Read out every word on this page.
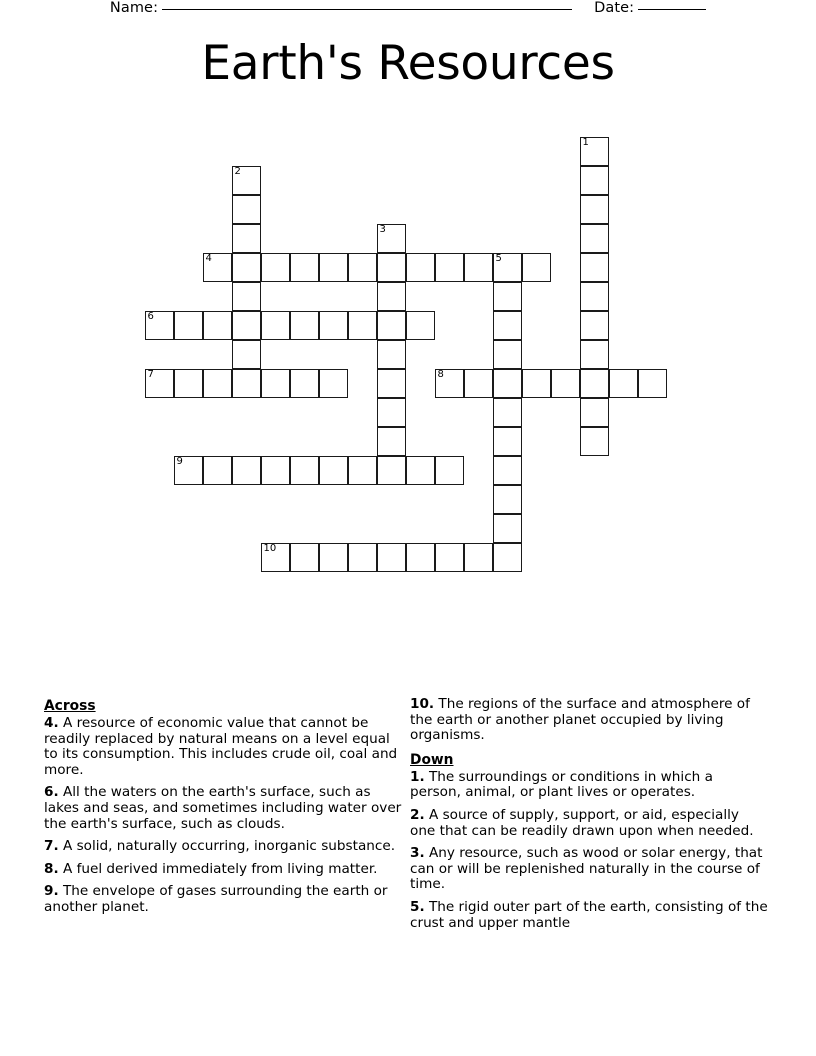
Name:	Date:
Earth's Resources
1
2
3
4	5
6
7	8
9
10
Across

4. A resource of economic value that cannot be readily replaced by natural means on a level equal to its consumption. This includes crude oil, coal and more.

6. All the waters on the earth's surface, such as lakes and seas, and sometimes including water over the earth's surface, such as clouds.

7. A solid, naturally occurring, inorganic substance.

8. A fuel derived immediately from living matter.

9. The envelope of gases surrounding the earth or another planet.

10. The regions of the surface and atmosphere of the earth or another planet occupied by living organisms.

Down

1. The surroundings or conditions in which a person, animal, or plant lives or operates.

2. A source of supply, support, or aid, especially one that can be readily drawn upon when needed.

3. Any resource, such as wood or solar energy, that can or will be replenished naturally in the course of time.

5. The rigid outer part of the earth, consisting of the crust and upper mantle
